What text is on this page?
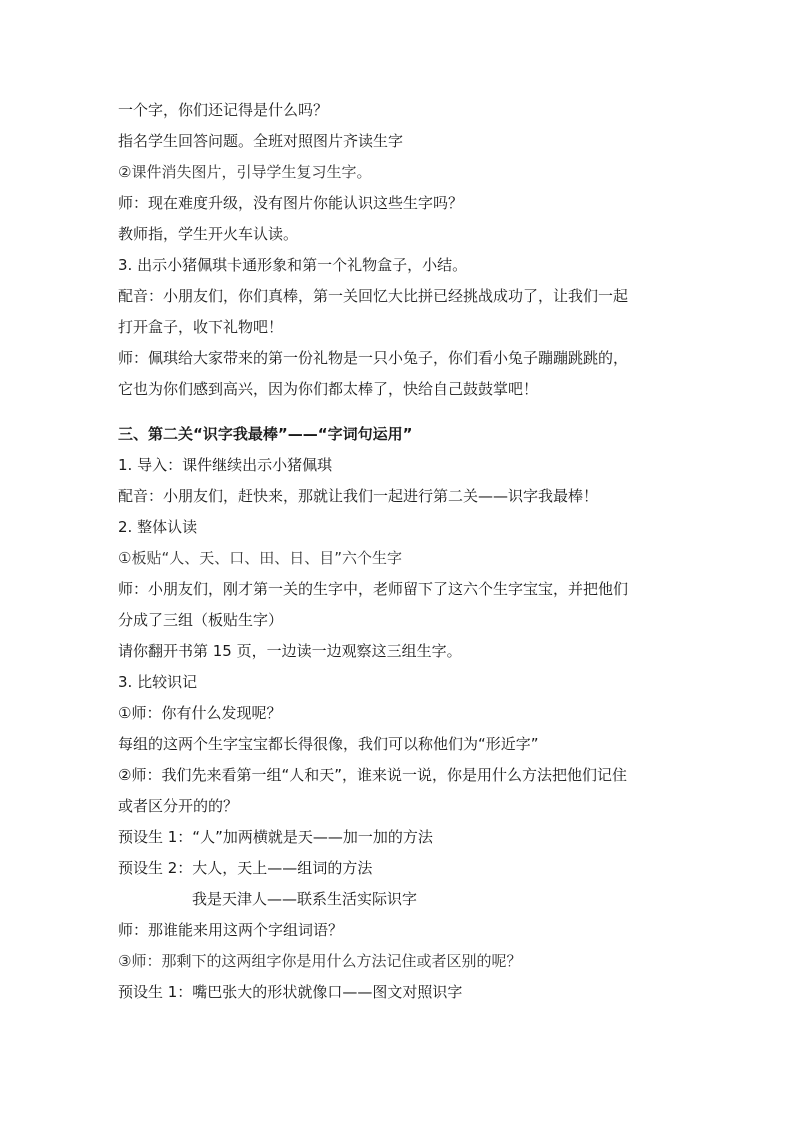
一个字，你们还记得是什么吗？
指名学生回答问题。全班对照图片齐读生字
②课件消失图片，引导学生复习生字。
师：现在难度升级，没有图片你能认识这些生字吗？
教师指，学生开火车认读。
3. 出示小猪佩琪卡通形象和第一个礼物盒子，小结。
配音：小朋友们，你们真棒，第一关回忆大比拼已经挑战成功了，让我们一起
打开盒子，收下礼物吧！
师：佩琪给大家带来的第一份礼物是一只小兔子，你们看小兔子蹦蹦跳跳的，
它也为你们感到高兴，因为你们都太棒了，快给自己鼓鼓掌吧！
三、第二关“识字我最棒”——“字词句运用”
1. 导入：课件继续出示小猪佩琪
配音：小朋友们，赶快来，那就让我们一起进行第二关——识字我最棒！
2. 整体认读
①板贴“人、天、口、田、日、目”六个生字
师：小朋友们，刚才第一关的生字中，老师留下了这六个生字宝宝，并把他们
分成了三组（板贴生字）
请你翻开书第 15 页，一边读一边观察这三组生字。
3. 比较识记
①师：你有什么发现呢？
每组的这两个生字宝宝都长得很像，我们可以称他们为“形近字”
②师：我们先来看第一组“人和天”，谁来说一说，你是用什么方法把他们记住
或者区分开的的？
预设生 1：“人”加两横就是天——加一加的方法
预设生 2：大人，天上——组词的方法
我是天津人——联系生活实际识字
师：那谁能来用这两个字组词语？
③师：那剩下的这两组字你是用什么方法记住或者区别的呢？
预设生 1：嘴巴张大的形状就像口——图文对照识字
